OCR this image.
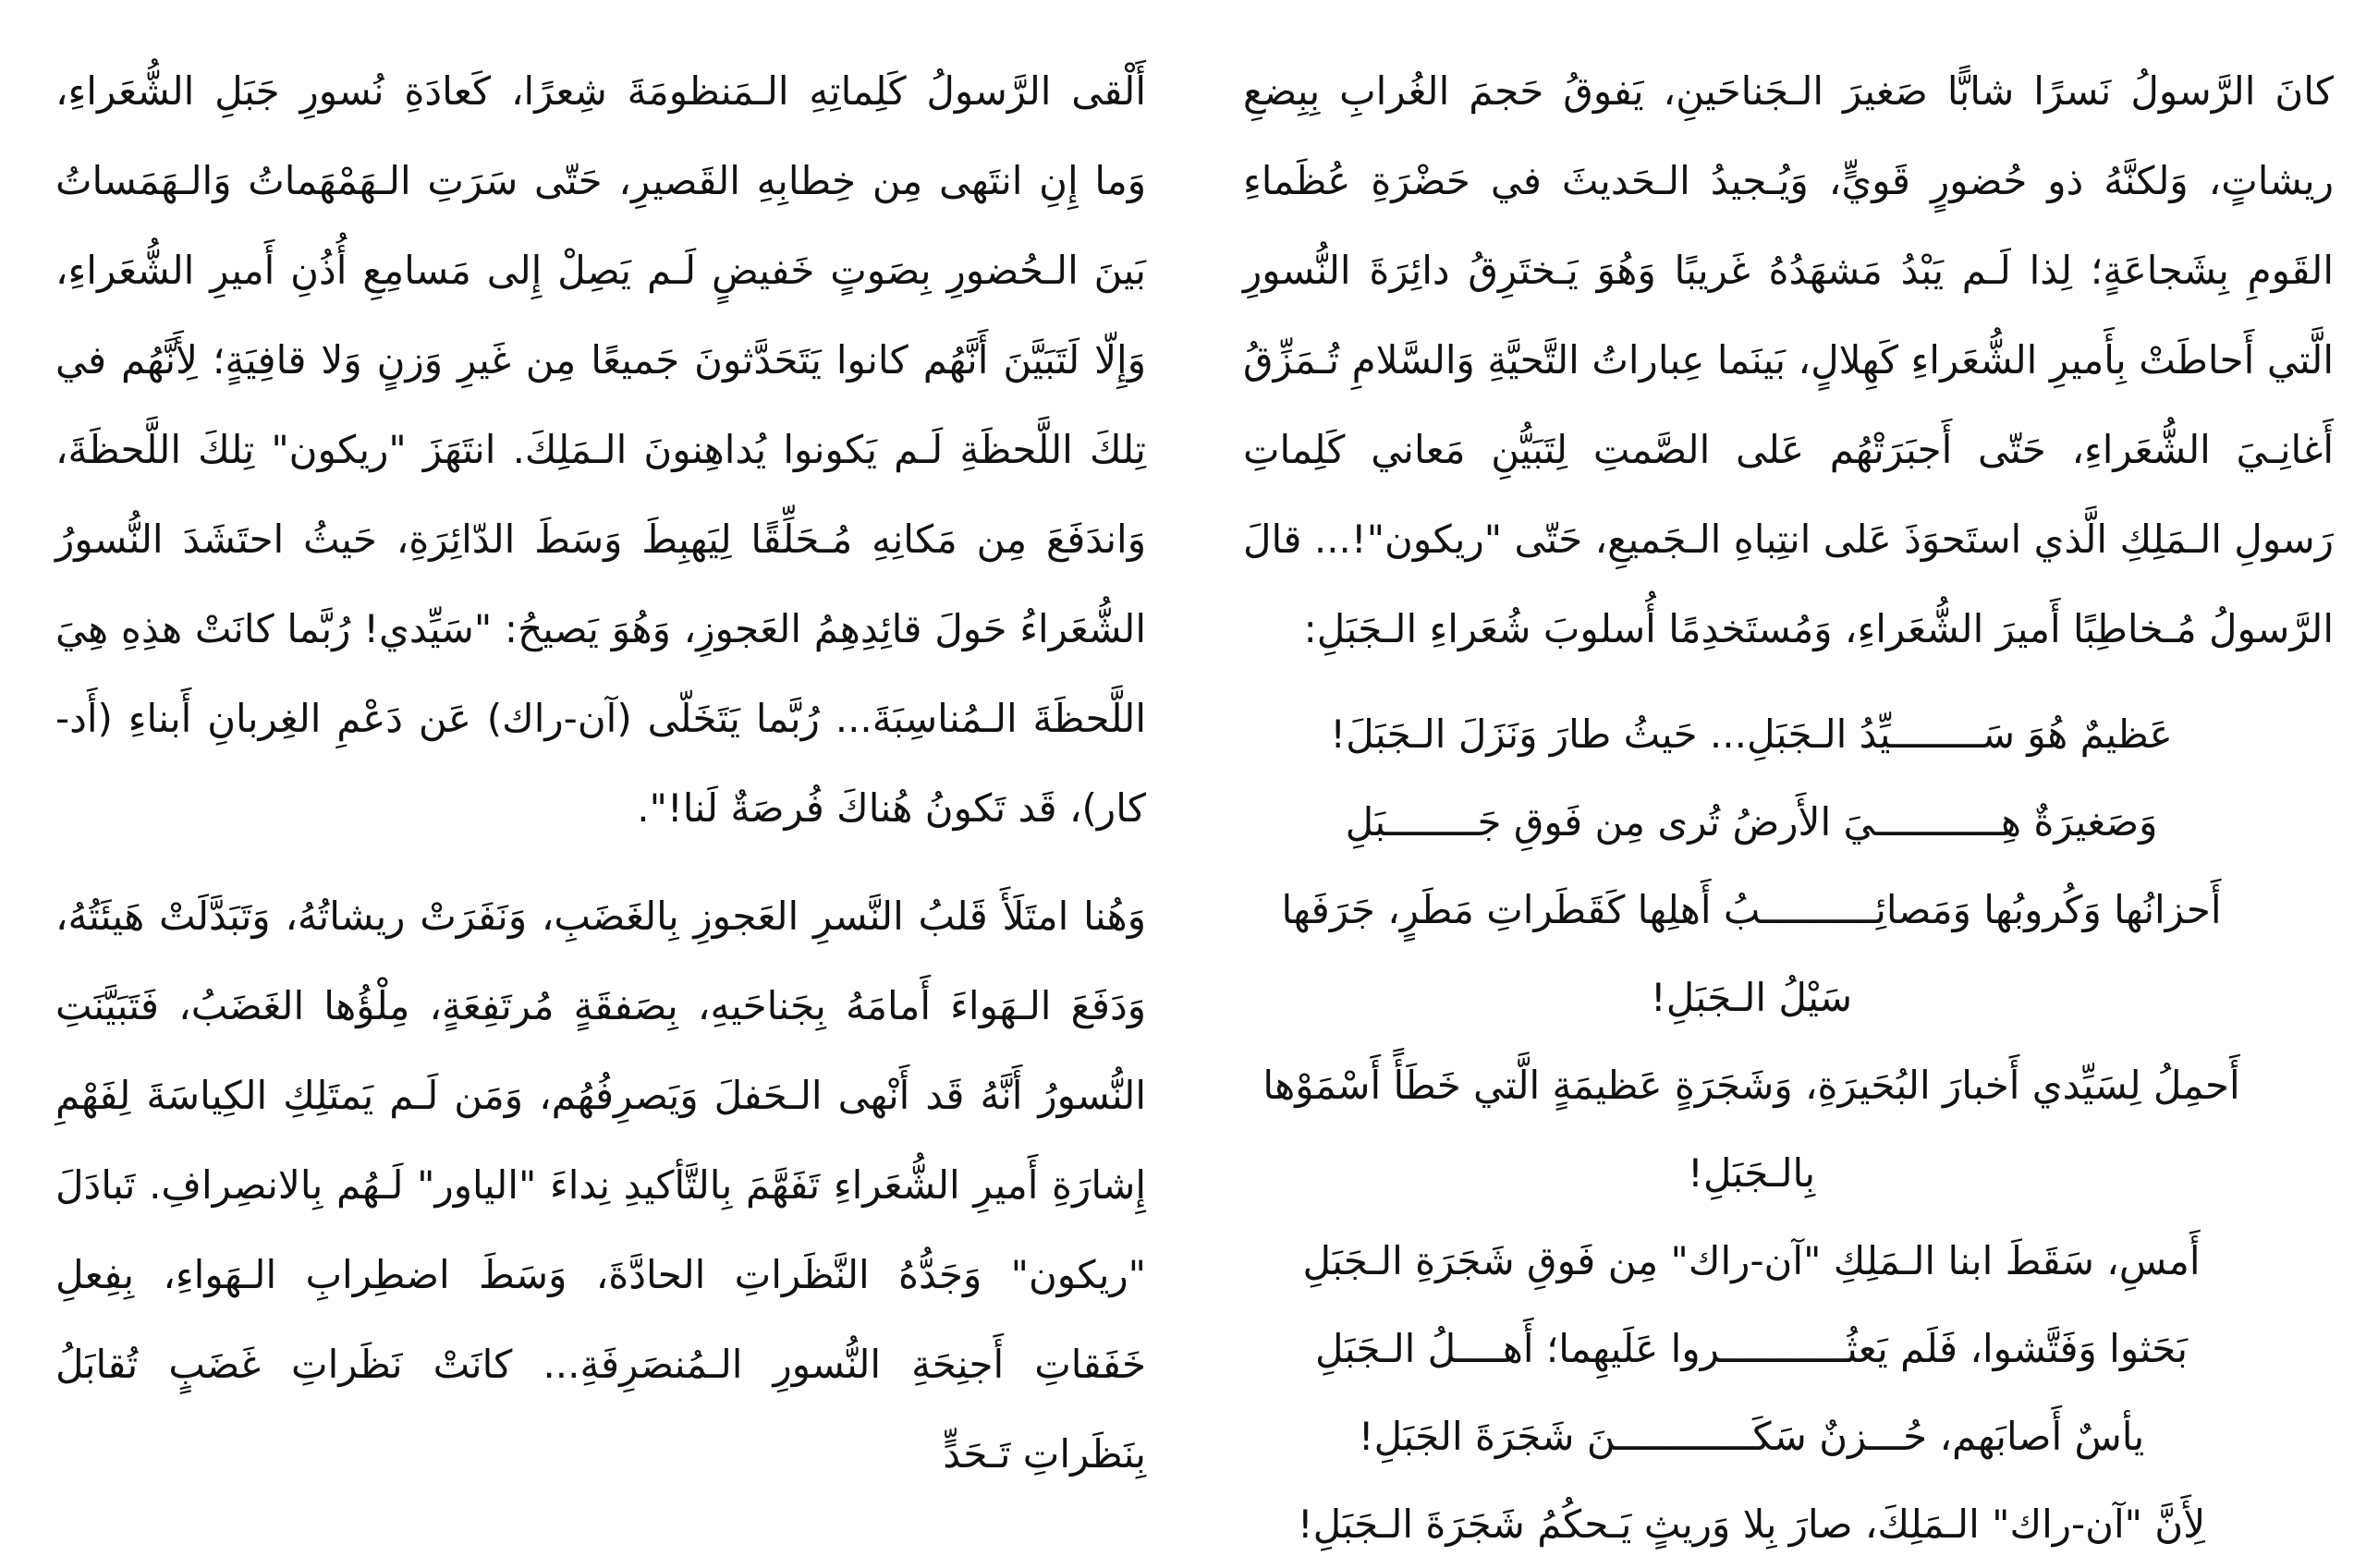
كانَ الرَّسولُ نَسرًا شابًّا صَغيرَ الـجَناحَينِ، يَفوقُ حَجمَ الغُرابِ بِبِضعِ ريشاتٍ، وَلكنَّهُ ذو حُضورٍ قَويٍّ، وَيُـجيدُ الـحَديثَ في حَضْرَةِ عُظَماءِ القَومِ بِشَجاعَةٍ؛ لِذا لَـم يَبْدُ مَشهَدُهُ غَريبًا وَهُوَ يَـختَرِقُ دائِرَةَ النُّسورِ الَّتي أَحاطَتْ بِأَميرِ الشُّعَراءِ كَهِلالٍ، بَينَما عِباراتُ التَّحيَّةِ وَالسَّلامِ تُـمَزِّقُ أَغانِـيَ الشُّعَراءِ، حَتّى أَجبَرَتْهُم عَلى الصَّمتِ لِتَبَيُّنِ مَعاني كَلِماتِ رَسولِ الـمَلِكِ الَّذي استَحوَذَ عَلى انتِباهِ الـجَميعِ، حَتّى "ريكون"!... قالَ الرَّسولُ مُـخاطِبًا أَميرَ الشُّعَراءِ، وَمُستَخدِمًا أُسلوبَ شُعَراءِ الـجَبَلِ:

عَظيمٌ هُوَ سَــــــــيِّدُ الـجَبَلِ... حَيثُ طارَ وَنَزَلَ الـجَبَلَ!
وَصَغيرَةٌ هِـــــــــــيَ الأَرضُ تُرى مِن فَوقِ جَــــــــبَلِ
أَحزانُها وَكُروبُها وَمَصائِــــــــــبُ أَهلِها كَقَطَراتِ مَطَرٍ، جَرَفَها سَيْلُ الـجَبَلِ!
أَحمِلُ لِسَيِّدي أَخبارَ البُحَيرَةِ، وَشَجَرَةٍ عَظيمَةٍ الَّتي خَطَأً أَسْمَوْها بِالـجَبَلِ!
أَمسِ، سَقَطَ ابنا الـمَلِكِ "آن-راك" مِن فَوقِ شَجَرَةِ الـجَبَلِ
بَحَثوا وَفَتَّشوا، فَلَم يَعثُـــــــــــروا عَلَيهِما؛ أَهــــلُ الـجَبَلِ
يأسٌ أَصابَهم، حُـــزنٌ سَكَــــــــــــنَ شَجَرَةَ الجَبَلِ!
لِأَنَّ "آن-راك" الـمَلِكَ، صارَ بِلا وَريثٍ يَـحكُمُ شَجَرَةَ الـجَبَلِ!

أَلْقى الرَّسولُ كَلِماتِهِ الـمَنظومَةَ شِعرًا، كَعادَةِ نُسورِ جَبَلِ الشُّعَراءِ، وَما إِنِ انتَهى مِن خِطابِهِ القَصيرِ، حَتّى سَرَتِ الـهَمْهَماتُ وَالـهَمَساتُ بَينَ الـحُضورِ بِصَوتٍ خَفيضٍ لَـم يَصِلْ إِلى مَسامِعِ أُذُنِ أَميرِ الشُّعَراءِ، وَإِلّا لَتَبَيَّنَ أَنَّهُم كانوا يَتَحَدَّثونَ جَميعًا مِن غَيرِ وَزنٍ وَلا قافِيَةٍ؛ لِأَنَّهُم في تِلكَ اللَّحظَةِ لَـم يَكونوا يُداهِنونَ الـمَلِكَ. انتَهَزَ "ريكون" تِلكَ اللَّحظَةَ، وَاندَفَعَ مِن مَكانِهِ مُـحَلِّقًا لِيَهبِطَ وَسَطَ الدّائِرَةِ، حَيثُ احتَشَدَ النُّسورُ الشُّعَراءُ حَولَ قائِدِهِمُ العَجوزِ، وَهُوَ يَصيحُ: "سَيِّدي! رُبَّما كانَتْ هذِهِ هِيَ اللَّحظَةَ الـمُناسِبَةَ... رُبَّما يَتَخَلّى (آن-راك) عَن دَعْمِ الغِربانِ أَبناءِ (أَد-كار)، قَد تَكونُ هُناكَ فُرصَةٌ لَنا!".

وَهُنا امتَلَأَ قَلبُ النَّسرِ العَجوزِ بِالغَضَبِ، وَنَفَرَتْ ريشاتُهُ، وَتَبَدَّلَتْ هَيئَتُهُ، وَدَفَعَ الـهَواءَ أَمامَهُ بِجَناحَيهِ، بِصَفقَةٍ مُرتَفِعَةٍ، مِلْؤُها الغَضَبُ، فَتَبَيَّنَتِ النُّسورُ أَنَّهُ قَد أَنْهى الـحَفلَ وَيَصرِفُهُم، وَمَن لَـم يَمتَلِكِ الكِياسَةَ لِفَهْمِ إِشارَةِ أَميرِ الشُّعَراءِ تَفَهَّمَ بِالتَّأكيدِ نِداءَ "الياور" لَـهُم بِالانصِرافِ. تَبادَلَ "ريكون" وَجَدُّهُ النَّظَراتِ الحادَّةَ، وَسَطَ اضطِرابِ الـهَواءِ، بِفِعلِ خَفَقاتِ أَجنِحَةِ النُّسورِ الـمُنصَرِفَةِ... كانَتْ نَظَراتِ غَضَبٍ تُقابَلُ بِنَظَراتِ تَـحَدٍّ
